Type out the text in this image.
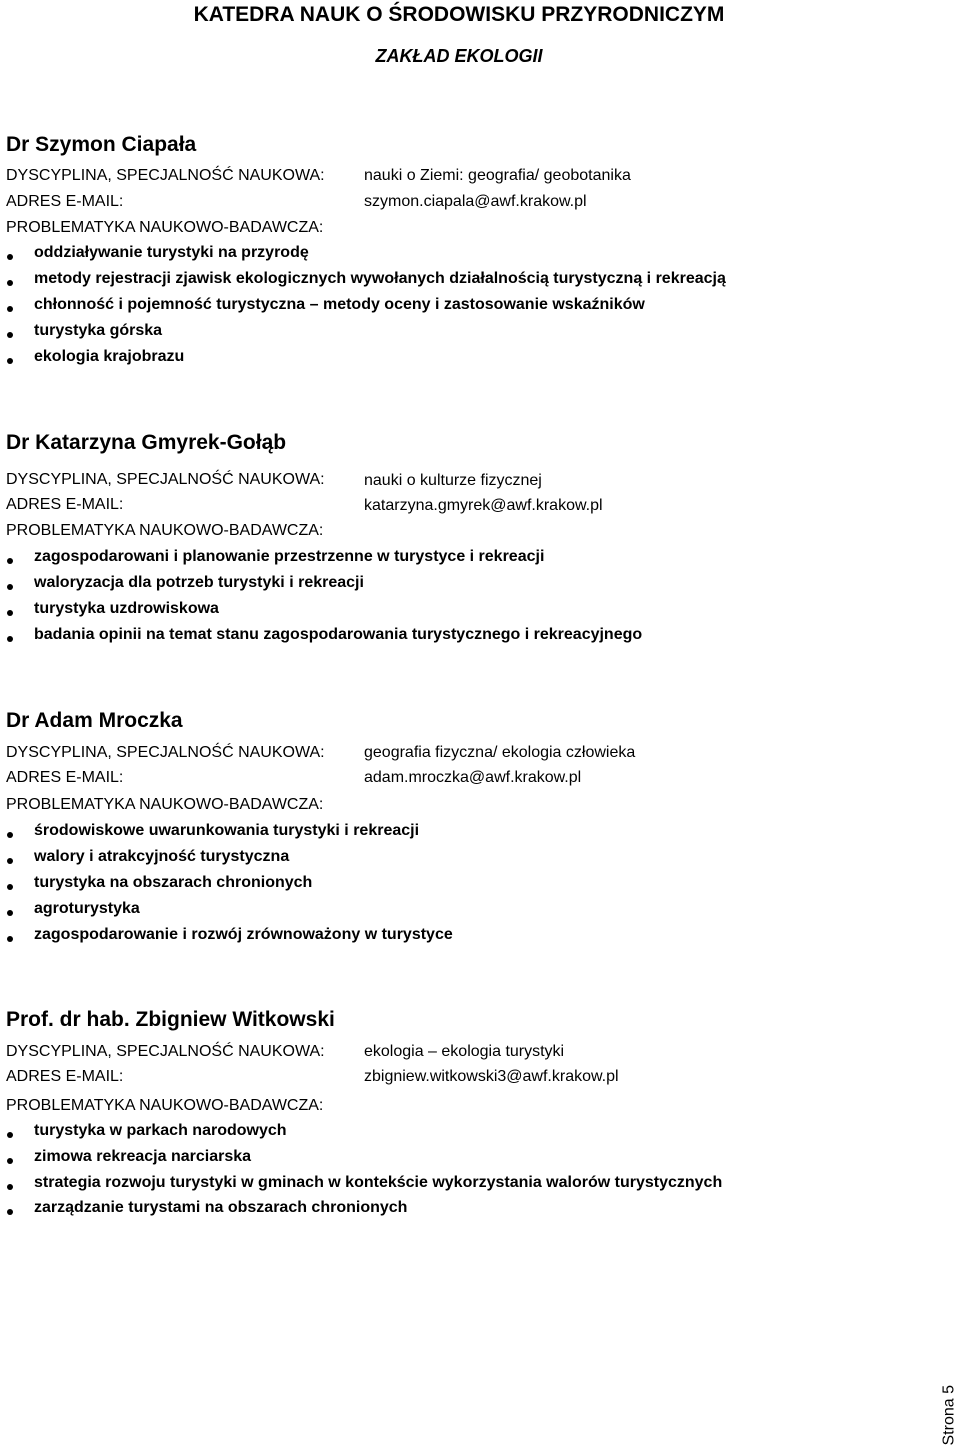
KATEDRA NAUK O ŚRODOWISKU PRZYRODNICZYM
ZAKŁAD EKOLOGII
Dr Szymon Ciapała
DYSCYPLINA, SPECJALNOŚĆ NAUKOWA: nauki o Ziemi: geografia/ geobotanika
ADRES E-MAIL:	szymon.ciapala@awf.krakow.pl
PROBLEMATYKA NAUKOWO-BADAWCZA:
oddziaływanie turystyki na przyrodę
metody rejestracji zjawisk ekologicznych wywołanych działalnością turystyczną i rekreacją
chłonność i pojemność turystyczna – metody oceny i zastosowanie wskaźników
turystyka górska
ekologia krajobrazu
Dr Katarzyna Gmyrek-Gołąb
DYSCYPLINA, SPECJALNOŚĆ NAUKOWA: nauki o kulturze fizycznej
ADRES E-MAIL:	katarzyna.gmyrek@awf.krakow.pl
PROBLEMATYKA NAUKOWO-BADAWCZA:
zagospodarowani i planowanie przestrzenne w turystyce i rekreacji
waloryzacja dla potrzeb turystyki i rekreacji
turystyka uzdrowiskowa
badania opinii na temat stanu zagospodarowania turystycznego i rekreacyjnego
Dr Adam Mroczka
DYSCYPLINA, SPECJALNOŚĆ NAUKOWA: geografia fizyczna/ ekologia człowieka
ADRES E-MAIL:	adam.mroczka@awf.krakow.pl
PROBLEMATYKA NAUKOWO-BADAWCZA:
środowiskowe uwarunkowania turystyki i rekreacji
walory i atrakcyjność turystyczna
turystyka na obszarach chronionych
agroturystyka
zagospodarowanie i rozwój zrównoważony w turystyce
Prof. dr hab. Zbigniew Witkowski
DYSCYPLINA, SPECJALNOŚĆ NAUKOWA: ekologia – ekologia turystyki
ADRES E-MAIL:	zbigniew.witkowski3@awf.krakow.pl
PROBLEMATYKA NAUKOWO-BADAWCZA:
turystyka w parkach narodowych
zimowa rekreacja narciarska
strategia rozwoju turystyki w gminach w kontekście wykorzystania walorów turystycznych
zarządzanie turystami na obszarach chronionych
Strona 5
